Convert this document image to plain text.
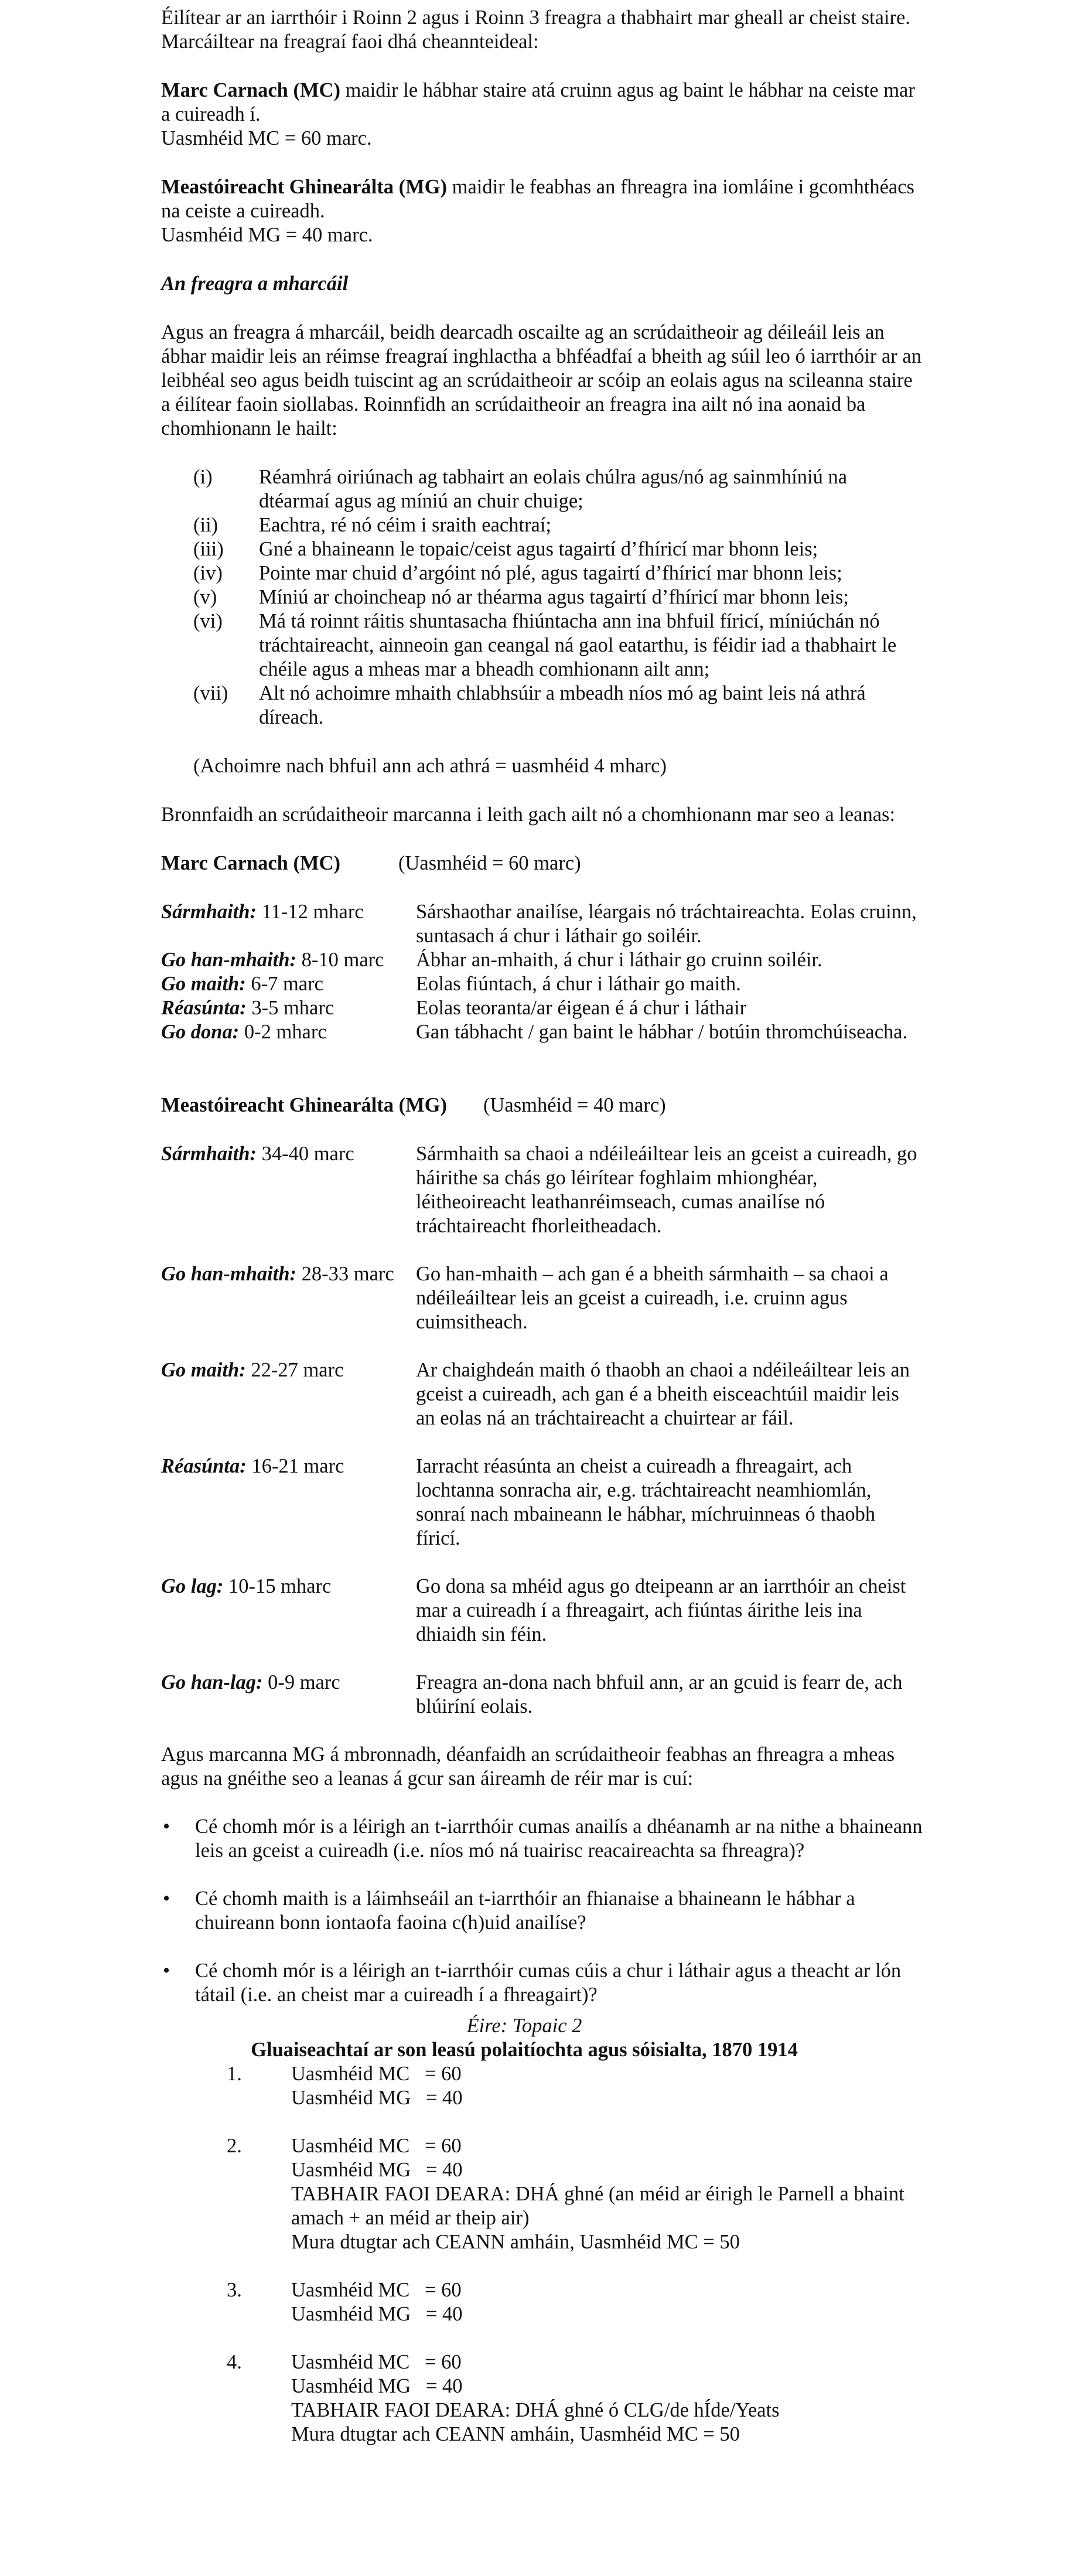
Éilítear ar an iarrthóir i Roinn 2 agus i Roinn 3 freagra a thabhairt mar gheall ar cheist staire. Marcáiltear na freagraí faoi dhá cheannteideal:

Marc Carnach (MC) maidir le hábhar staire atá cruinn agus ag baint le hábhar na ceiste mar a cuireadh í.

Uasmhéid MC = 60 marc.

Meastóireacht Ghinearálta (MG) maidir le feabhas an fhreagra ina iomláine i gcomhthéacs na ceiste a cuireadh.

Uasmhéid MG = 40 marc.

An freagra a mharcáil

Agus an freagra á mharcáil, beidh dearcadh oscailte ag an scrúdaitheoir ag déileáil leis an ábhar maidir leis an réimse freagraí inghlactha a bhféadfaí a bheith ag súil leo ó iarrthóir ar an leibhéal seo agus beidh tuiscint ag an scrúdaitheoir ar scóip an eolais agus na scileanna staire a éilítear faoin siollabas. Roinnfidh an scrúdaitheoir an freagra ina ailt nó ina aonaid ba chomhionann le hailt:

(i)	Réamhrá oiriúnach ag tabhairt an eolais chúlra agus/nó ag sainmhíniú na dtéarmaí agus ag míniú an chuir chuige;
(ii)	Eachtra, ré nó céim i sraith eachtraí;
(iii)	Gné a bhaineann le topaic/ceist agus tagairtí d’fhíricí mar bhonn leis;
(iv)	Pointe mar chuid d’argóint nó plé, agus tagairtí d’fhíricí mar bhonn leis;
(v)	Míniú ar choincheap nó ar théarma agus tagairtí d’fhíricí mar bhonn leis;
(vi)	Má tá roinnt ráitis shuntasacha fhiúntacha ann ina bhfuil fíricí, míniúchán nó tráchtaireacht, ainneoin gan ceangal ná gaol eatarthu, is féidir iad a thabhairt le chéile agus a mheas mar a bheadh comhionann ailt ann;
(vii)	Alt nó achoimre mhaith chlabhsúir a mbeadh níos mó ag baint leis ná athrá díreach.

(Achoimre nach bhfuil ann ach athrá = uasmhéid 4 mharc)

Bronnfaidh an scrúdaitheoir marcanna i leith gach ailt nó a chomhionann mar seo a leanas:

Marc Carnach (MC)	(Uasmhéid = 60 marc)

Sármhaith: 11-12 mharc	Sárshaothar anailíse, léargais nó tráchtaireachta. Eolas cruinn, suntasach á chur i láthair go soiléir.
Go han-mhaith: 8-10 marc	Ábhar an-mhaith, á chur i láthair go cruinn soiléir.
Go maith: 6-7 marc	Eolas fiúntach, á chur i láthair go maith.
Réasúnta: 3-5 mharc	Eolas teoranta/ar éigean é á chur i láthair
Go dona: 0-2 mharc	Gan tábhacht / gan baint le hábhar / botúin thromchúiseacha.

Meastóireacht Ghinearálta (MG) (Uasmhéid = 40 marc)

Sármhaith: 34-40 marc	Sármhaith sa chaoi a ndéileáiltear leis an gceist a cuireadh, go háirithe sa chás go léirítear foghlaim mhionghéar, léitheoireacht leathanréimseach, cumas anailíse nó tráchtaireacht fhorleitheadach.
Go han-mhaith: 28-33 marc	Go han-mhaith – ach gan é a bheith sármhaith – sa chaoi a ndéileáiltear leis an gceist a cuireadh, i.e. cruinn agus cuimsitheach.
Go maith: 22-27 marc	Ar chaighdeán maith ó thaobh an chaoi a ndéileáiltear leis an gceist a cuireadh, ach gan é a bheith eisceachtúil maidir leis an eolas ná an tráchtaireacht a chuirtear ar fáil.
Réasúnta: 16-21 marc	Iarracht réasúnta an cheist a cuireadh a fhreagairt, ach lochtanna sonracha air, e.g. tráchtaireacht neamhiomlán, sonraí nach mbaineann le hábhar, míchruinneas ó thaobh fíricí.
Go lag: 10-15 mharc	Go dona sa mhéid agus go dteipeann ar an iarrthóir an cheist mar a cuireadh í a fhreagairt, ach fiúntas áirithe leis ina dhiaidh sin féin.
Go han-lag: 0-9 marc	Freagra an-dona nach bhfuil ann, ar an gcuid is fearr de, ach blúiríní eolais.

Agus marcanna MG á mbronnadh, déanfaidh an scrúdaitheoir feabhas an fhreagra a mheas agus na gnéithe seo a leanas á gcur san áireamh de réir mar is cuí:

•	Cé chomh mór is a léirigh an t-iarrthóir cumas anailís a dhéanamh ar na nithe a bhaineann leis an gceist a cuireadh (i.e. níos mó ná tuairisc reacaireachta sa fhreagra)?
•	Cé chomh maith is a láimhseáil an t-iarrthóir an fhianaise a bhaineann le hábhar a chuireann bonn iontaofa faoina c(h)uid anailíse?
•	Cé chomh mór is a léirigh an t-iarrthóir cumas cúis a chur i láthair agus a theacht ar lón tátail (i.e. an cheist mar a cuireadh í a fhreagairt)?

Éire: Topaic 2

Gluaiseachtaí ar son leasú polaitíochta agus sóisialta, 1870 1914

1.	Uasmhéid MC   = 60

Uasmhéid MG   = 40

2.	Uasmhéid MC   = 60

Uasmhéid MG   = 40

TABHAIR FAOI DEARA: DHÁ ghné (an méid ar éirigh le Parnell a bhaint amach + an méid ar theip air)

Mura dtugtar ach CEANN amháin, Uasmhéid MC = 50

3.	Uasmhéid MC   = 60

Uasmhéid MG   = 40

4.	Uasmhéid MC   = 60

Uasmhéid MG   = 40

TABHAIR FAOI DEARA: DHÁ ghné ó CLG/de hÍde/Yeats

Mura dtugtar ach CEANN amháin, Uasmhéid MC = 50
